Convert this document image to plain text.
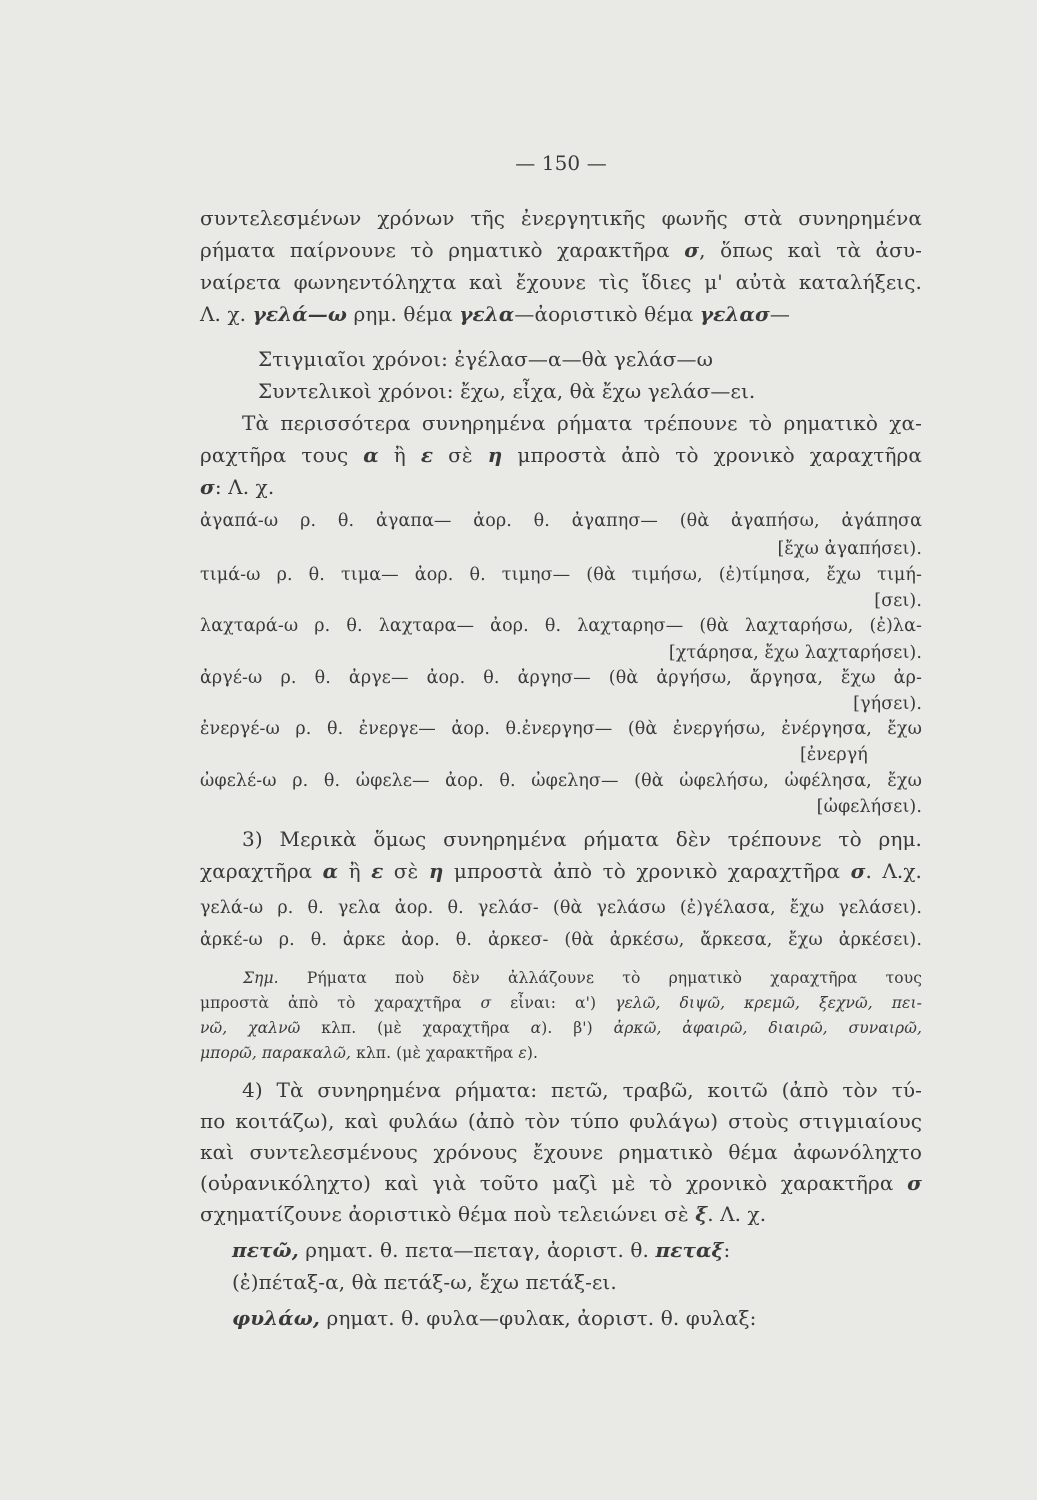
— 150 —
συντελεσμένων χρόνων τῆς ἐνεργητικῆς φωνῆς στὰ συνηρημένα
ρήματα παίρνουνε τὸ ρηματικὸ χαρακτῆρα σ, ὅπως καὶ τὰ ἀσυ-
ναίρετα φωνηεντόληχτα καὶ ἔχουνε τὶς ἴδιες μ' αὐτὰ καταλήξεις.
Λ. χ. γελά—ω ρημ. θέμα γελα—ἀοριστικὸ θέμα γελασ—
Στιγμιαῖοι χρόνοι: ἐγέλασ—α—θὰ γελάσ—ω
Συντελικοὶ χρόνοι: ἔχω, εἶχα, θὰ ἔχω γελάσ—ει.
Τὰ περισσότερα συνηρημένα ρήματα τρέπουνε τὸ ρηματικὸ χα-
ραχτῆρα τους α ἢ ε σὲ η μπροστὰ ἀπὸ τὸ χρονικὸ χαραχτῆρα
σ: Λ. χ.
ἀγαπά-ω ρ. θ. ἀγαπα— ἀορ. θ. ἀγαπησ— (θὰ ἀγαπήσω, ἀγάπησα
[ἔχω ἀγαπήσει).
τιμά-ω ρ. θ. τιμα— ἀορ. θ. τιμησ— (θὰ τιμήσω, (ἐ)τίμησα, ἔχω τιμή-
[σει).
λαχταρά-ω ρ. θ. λαχταρα— ἀορ. θ. λαχταρησ— (θὰ λαχταρήσω, (ἐ)λα-
[χτάρησα, ἔχω λαχταρήσει).
ἀργέ-ω ρ. θ. ἀργε— ἀορ. θ. ἀργησ— (θὰ ἀργήσω, ἄργησα, ἔχω ἀρ-
[γήσει).
ἐνεργέ-ω ρ. θ. ἐνεργε— ἀορ. θ.ἐνεργησ— (θὰ ἐνεργήσω, ἐνέργησα, ἔχω
[ἐνεργή
ὠφελέ-ω ρ. θ. ὠφελε— ἀορ. θ. ὠφελησ— (θὰ ὠφελήσω, ὠφέλησα, ἔχω
[ὠφελήσει).
3) Μερικὰ ὅμως συνηρημένα ρήματα δὲν τρέπουνε τὸ ρημ.
χαραχτῆρα α ἢ ε σὲ η μπροστὰ ἀπὸ τὸ χρονικὸ χαραχτῆρα σ. Λ.χ.
γελά-ω ρ. θ. γελα ἀορ. θ. γελάσ- (θὰ γελάσω (ἐ)γέλασα, ἔχω γελάσει).
ἀρκέ-ω ρ. θ. ἀρκε ἀορ. θ. ἀρκεσ- (θὰ ἀρκέσω, ἄρκεσα, ἔχω ἀρκέσει).
Σημ. Ρήματα ποὺ δὲν ἀλλάζουνε τὸ ρηματικὸ χαραχτῆρα τους
μπροστὰ ἀπὸ τὸ χαραχτῆρα σ εἶναι: α') γελῶ, διψῶ, κρεμῶ, ξεχνῶ, πει-
νῶ, χαλνῶ κλπ. (μὲ χαραχτῆρα α). β') ἀρκῶ, ἀφαιρῶ, διαιρῶ, συναιρῶ,
μπορῶ, παρακαλῶ, κλπ. (μὲ χαρακτῆρα ε).
4) Τὰ συνηρημένα ρήματα: πετῶ, τραβῶ, κοιτῶ (ἀπὸ τὸν τύ-
πο κοιτάζω), καὶ φυλάω (ἀπὸ τὸν τύπο φυλάγω) στοὺς στιγμιαίους
καὶ συντελεσμένους χρόνους ἔχουνε ρηματικὸ θέμα ἀφωνόληχτο
(οὐρανικόληχτο) καὶ γιὰ τοῦτο μαζὶ μὲ τὸ χρονικὸ χαρακτῆρα σ
σχηματίζουνε ἀοριστικὸ θέμα ποὺ τελειώνει σὲ ξ. Λ. χ.
πετῶ, ρηματ. θ. πετα—πεταγ, ἀοριστ. θ. πεταξ:
(ἐ)πέταξ-α, θὰ πετάξ-ω, ἔχω πετάξ-ει.
φυλάω, ρηματ. θ. φυλα—φυλακ, ἀοριστ. θ. φυλαξ:
